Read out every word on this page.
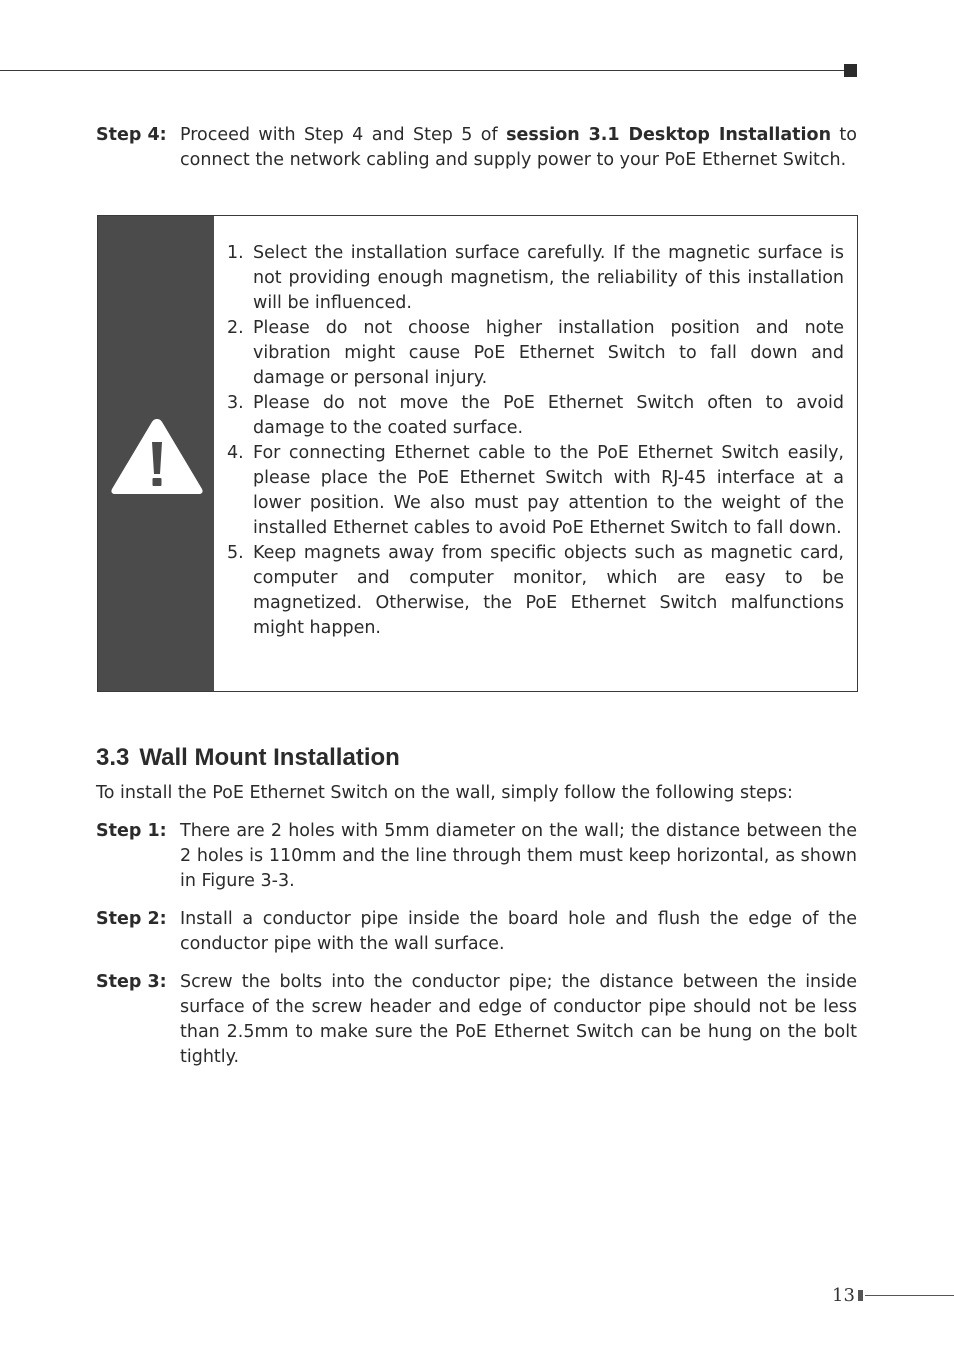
Step 4: Proceed with Step 4 and Step 5 of session 3.1 Desktop Installation to connect the network cabling and supply power to your PoE Ethernet Switch.
1. Select the installation surface carefully. If the magnetic surface is not providing enough magnetism, the reliability of this installation will be influenced.
2. Please do not choose higher installation position and note vibration might cause PoE Ethernet Switch to fall down and damage or personal injury.
3. Please do not move the PoE Ethernet Switch often to avoid damage to the coated surface.
4. For connecting Ethernet cable to the PoE Ethernet Switch easily, please place the PoE Ethernet Switch with RJ-45 interface at a lower position. We also must pay attention to the weight of the installed Ethernet cables to avoid PoE Ethernet Switch to fall down.
5. Keep magnets away from specific objects such as magnetic card, computer and computer monitor, which are easy to be magnetized. Otherwise, the PoE Ethernet Switch malfunctions might happen.
3.3 Wall Mount Installation

To install the PoE Ethernet Switch on the wall, simply follow the following steps:

Step 1: There are 2 holes with 5mm diameter on the wall; the distance between the 2 holes is 110mm and the line through them must keep horizontal, as shown in Figure 3-3.
Step 2: Install a conductor pipe inside the board hole and flush the edge of the conductor pipe with the wall surface.
Step 3: Screw the bolts into the conductor pipe; the distance between the inside surface of the screw header and edge of conductor pipe should not be less than 2.5mm to make sure the PoE Ethernet Switch can be hung on the bolt tightly.
13
